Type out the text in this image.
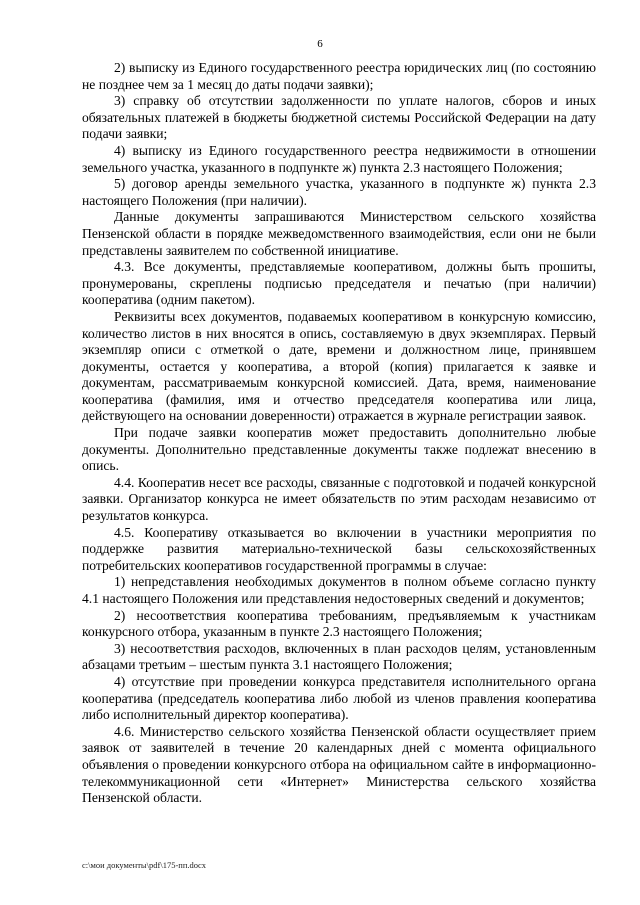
6

2) выписку из Единого государственного реестра юридических лиц (по состоянию не позднее чем за 1 месяц до даты подачи заявки);

3) справку об отсутствии задолженности по уплате налогов, сборов и иных обязательных платежей в бюджеты бюджетной системы Российской Федерации на дату подачи заявки;

4) выписку из Единого государственного реестра недвижимости в отношении земельного участка, указанного в подпункте ж) пункта 2.3 настоящего Положения;

5) договор аренды земельного участка, указанного в подпункте ж) пункта 2.3 настоящего Положения (при наличии).

Данные документы запрашиваются Министерством сельского хозяйства Пензенской области в порядке межведомственного взаимодействия, если они не были представлены заявителем по собственной инициативе.

4.3. Все документы, представляемые кооперативом, должны быть прошиты, пронумерованы, скреплены подписью председателя и печатью (при наличии) кооператива (одним пакетом).

Реквизиты всех документов, подаваемых кооперативом в конкурсную комиссию, количество листов в них вносятся в опись, составляемую в двух экземплярах. Первый экземпляр описи с отметкой о дате, времени и должностном лице, принявшем документы, остается у кооператива, а второй (копия) прилагается к заявке и документам, рассматриваемым конкурсной комиссией. Дата, время, наименование кооператива (фамилия, имя и отчество председателя кооператива или лица, действующего на основании доверенности) отражается в журнале регистрации заявок.

При подаче заявки кооператив может предоставить дополнительно любые документы. Дополнительно представленные документы также подлежат внесению в опись.

4.4. Кооператив несет все расходы, связанные с подготовкой и подачей конкурсной заявки. Организатор конкурса не имеет обязательств по этим расходам независимо от результатов конкурса.

4.5. Кооперативу отказывается во включении в участники мероприятия по поддержке развития материально-технической базы сельскохозяйственных потребительских кооперативов государственной программы в случае:

1) непредставления необходимых документов в полном объеме согласно пункту 4.1 настоящего Положения или представления недостоверных сведений и документов;

2) несоответствия кооператива требованиям, предъявляемым к участникам конкурсного отбора, указанным в пункте 2.3 настоящего Положения;

3) несоответствия расходов, включенных в план расходов целям, установленным абзацами третьим – шестым пункта 3.1 настоящего Положения;

4) отсутствие при проведении конкурса представителя исполнительного органа кооператива (председатель кооператива либо любой из членов правления кооператива либо исполнительный директор кооператива).

4.6. Министерство сельского хозяйства Пензенской области осуществляет прием заявок от заявителей в течение 20 календарных дней с момента официального объявления о проведении конкурсного отбора на официальном сайте в информационно-телекоммуникационной сети «Интернет» Министерства сельского хозяйства Пензенской области.

c:\мои документы\pdf\175-пп.docx
